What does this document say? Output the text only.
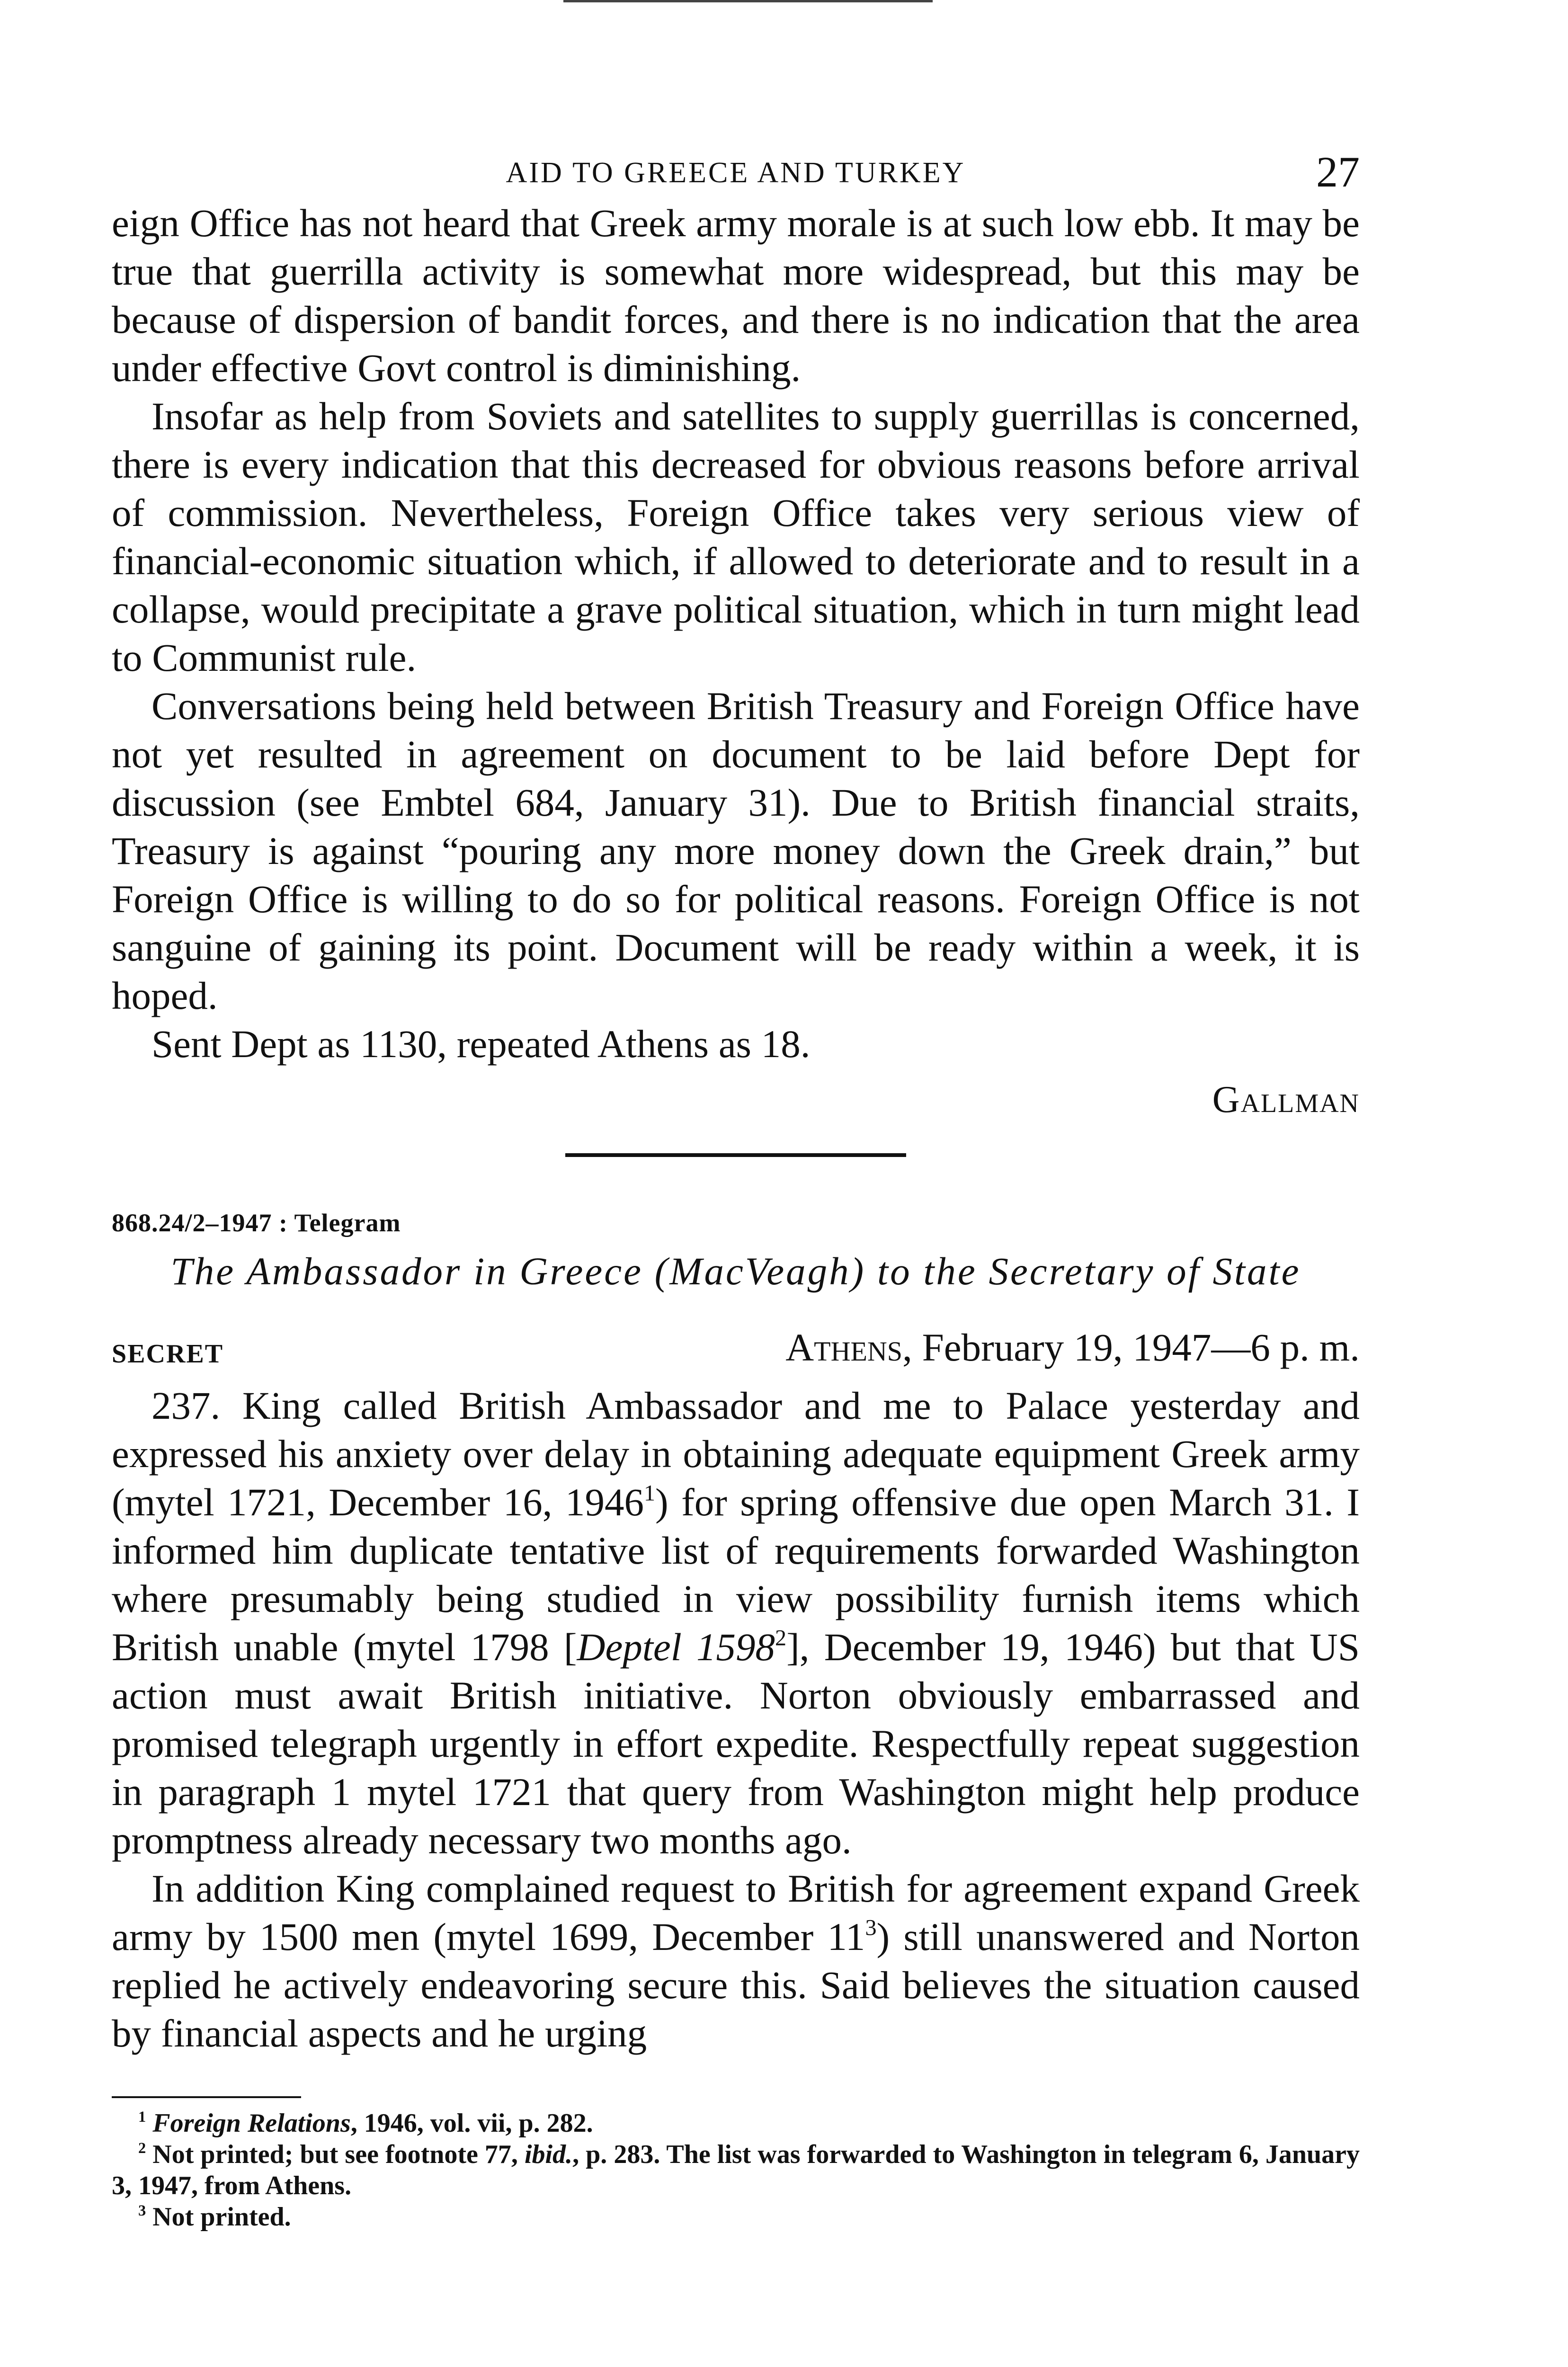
AID TO GREECE AND TURKEY	27

eign Office has not heard that Greek army morale is at such low ebb. It may be true that guerrilla activity is somewhat more widespread, but this may be because of dispersion of bandit forces, and there is no indication that the area under effective Govt control is diminishing.

Insofar as help from Soviets and satellites to supply guerrillas is concerned, there is every indication that this decreased for obvious reasons before arrival of commission. Nevertheless, Foreign Office takes very serious view of financial-economic situation which, if allowed to deteriorate and to result in a collapse, would precipitate a grave political situation, which in turn might lead to Communist rule.

Conversations being held between British Treasury and Foreign Office have not yet resulted in agreement on document to be laid before Dept for discussion (see Embtel 684, January 31). Due to British financial straits, Treasury is against “pouring any more money down the Greek drain,” but Foreign Office is willing to do so for political reasons. Foreign Office is not sanguine of gaining its point. Document will be ready within a week, it is hoped.

Sent Dept as 1130, repeated Athens as 18.

Gallman
868.24/2–1947 : Telegram
The Ambassador in Greece (MacVeagh) to the Secretary of State
SECRET	Athens, February 19, 1947—6 p. m.

237. King called British Ambassador and me to Palace yesterday and expressed his anxiety over delay in obtaining adequate equipment Greek army (mytel 1721, December 16, 1946$^1$) for spring offensive due open March 31. I informed him duplicate tentative list of requirements forwarded Washington where presumably being studied in view possibility furnish items which British unable (mytel 1798 [Deptel 1598$^2$], December 19, 1946) but that US action must await British initiative. Norton obviously embarrassed and promised telegraph urgently in effort expedite. Respectfully repeat suggestion in paragraph 1 mytel 1721 that query from Washington might help produce promptness already necessary two months ago.

In addition King complained request to British for agreement expand Greek army by 1500 men (mytel 1699, December $11^3$) still unanswered and Norton replied he actively endeavoring secure this. Said believes the situation caused by financial aspects and he urging

$^1$ Foreign Relations, 1946, vol. vii, p. 282.

$^2$ Not printed; but see footnote 77, ibid., p. 283. The list was forwarded to Washington in telegram 6, January 3, 1947, from Athens.

$^3$ Not printed.
